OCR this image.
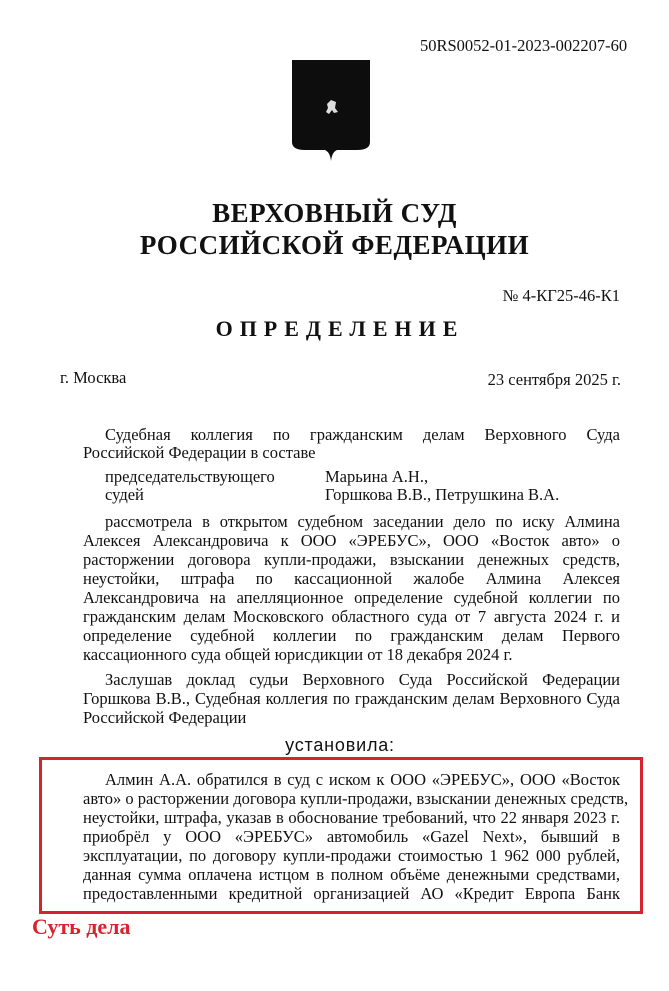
50RS0052-01-2023-002207-60
ВЕРХОВНЫЙ СУД
РОССИЙСКОЙ ФЕДЕРАЦИИ
№ 4-КГ25-46-К1
ОПРЕДЕЛЕНИЕ
г. Москва	23 сентября 2025 г.
Судебная коллегия по гражданским делам Верховного Суда
Российской Федерации в составе
председательствующего	Марьина А.Н.,
судей	Горшкова В.В., Петрушкина В.А.
рассмотрела в открытом судебном заседании дело по иску Алмина
Алексея Александровича к ООО «ЭРЕБУС», ООО «Восток авто» о
расторжении договора купли-продажи, взыскании денежных средств,
неустойки, штрафа по кассационной жалобе Алмина Алексея
Александровича на апелляционное определение судебной коллегии по
гражданским делам Московского областного суда от 7 августа 2024 г. и
определение судебной коллегии по гражданским делам Первого
кассационного суда общей юрисдикции от 18 декабря 2024 г.
Заслушав доклад судьи Верховного Суда Российской Федерации
Горшкова В.В., Судебная коллегия по гражданским делам Верховного Суда
Российской Федерации
установила:
Алмин А.А. обратился в суд с иском к ООО «ЭРЕБУС», ООО «Восток
авто» о расторжении договора купли-продажи, взыскании денежных средств,
неустойки, штрафа, указав в обоснование требований, что 22 января 2023 г.
приобрёл у ООО «ЭРЕБУС» автомобиль «Gazel Next», бывший в
эксплуатации, по договору купли-продажи стоимостью 1 962 000 рублей,
данная сумма оплачена истцом в полном объёме денежными средствами,
предоставленными кредитной организацией АО «Кредит Европа Банк
Суть дела
